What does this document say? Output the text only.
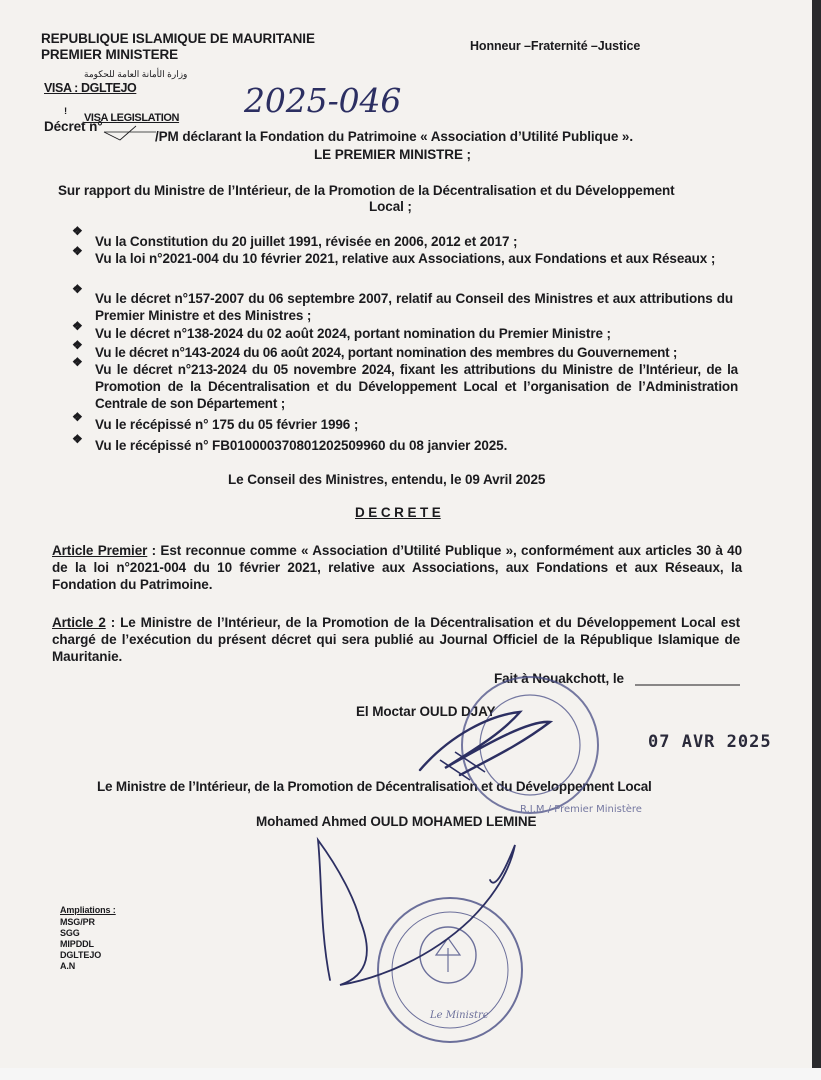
REPUBLIQUE ISLAMIQUE DE MAURITANIE
PREMIER MINISTERE
Honneur –Fraternité –Justice
VISA : DGLTEJO
وزارة الأمانة العامة للحكومة
!
VISA LEGISLATION 2025-046
Décret n°
/PM déclarant la Fondation du Patrimoine « Association d’Utilité Publique ».
LE PREMIER MINISTRE ;
Sur rapport du Ministre de l’Intérieur, de la Promotion de la Décentralisation et du Développement
Local ;
❖
Vu la Constitution du 20 juillet 1991, révisée en 2006, 2012 et 2017 ;
❖ Vu la loi n°2021-004 du 10 février 2021, relative aux Associations, aux Fondations et aux Réseaux ;
❖
Vu le décret n°157-2007 du 06 septembre 2007, relatif au Conseil des Ministres et aux attributions du Premier Ministre et des Ministres ;
❖ Vu le décret n°138-2024 du 02 août 2024, portant nomination du Premier Ministre ;
❖ Vu le décret n°143-2024 du 06 août 2024, portant nomination des membres du Gouvernement ;
❖ Vu le décret n°213-2024 du 05 novembre 2024, fixant les attributions du Ministre de l’Intérieur, de la Promotion de la Décentralisation et du Développement Local et l’organisation de l’Administration Centrale de son Département ;
❖ Vu le récépissé n° 175 du 05 février 1996 ;
❖ Vu le récépissé n° FB010000370801202509960 du 08 janvier 2025.
Le Conseil des Ministres, entendu, le 09 Avril 2025
D E C R E T E
Article Premier : Est reconnue comme « Association d’Utilité Publique », conformément aux articles 30 à 40 de la loi n°2021-004 du 10 février 2021, relative aux Associations, aux Fondations et aux Réseaux, la Fondation du Patrimoine.
Article 2 : Le Ministre de l’Intérieur, de la Promotion de la Décentralisation et du Développement Local est chargé de l’exécution du présent décret qui sera publié au Journal Officiel de la République Islamique de Mauritanie.
Fait à Nouakchott, le
El Moctar OULD DJAY
07 AVR 2025
Le Ministre de l’Intérieur, de la Promotion de Décentralisation et du Développement Local
Mohamed Ahmed OULD MOHAMED LEMINE
Ampliations :
MSG/PR
SGG
MIPDDL
DGLTEJO
A.N
R.I.M / Premier Ministère
Le Ministre
